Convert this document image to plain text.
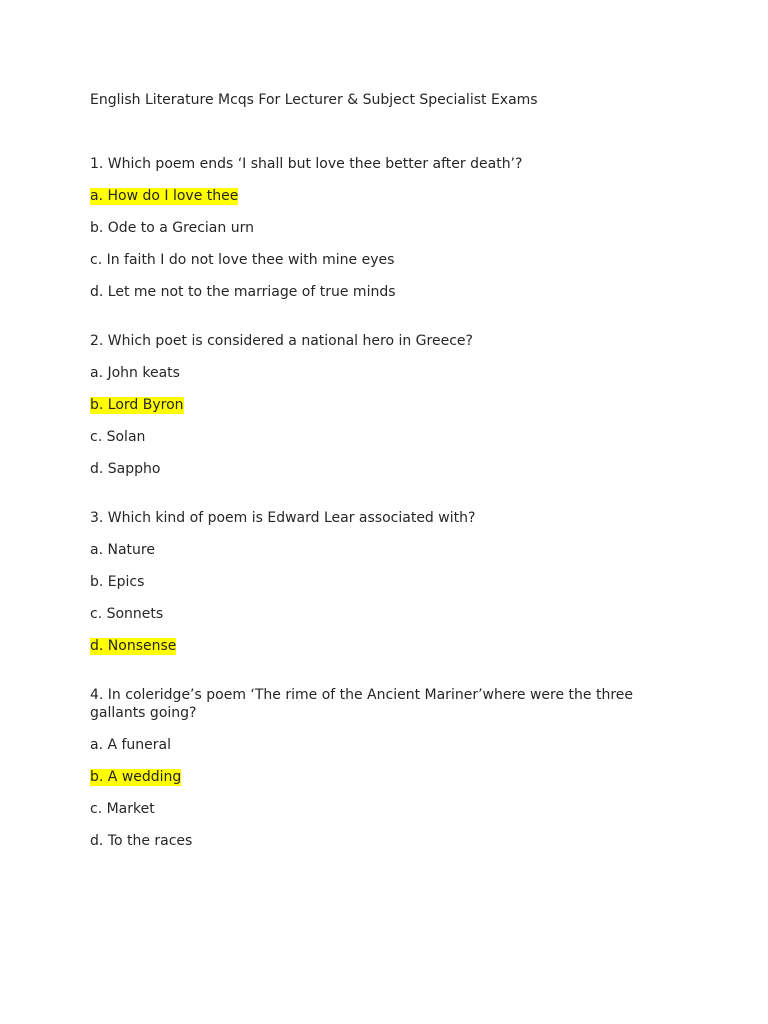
English Literature Mcqs For Lecturer & Subject Specialist Exams

1. Which poem ends ‘I shall but love thee better after death’?

a. How do I love thee

b. Ode to a Grecian urn

c. In faith I do not love thee with mine eyes

d. Let me not to the marriage of true minds

2. Which poet is considered a national hero in Greece?

a. John keats

b. Lord Byron

c. Solan

d. Sappho

3. Which kind of poem is Edward Lear associated with?

a. Nature

b. Epics

c. Sonnets

d. Nonsense

4. In coleridge’s poem ‘The rime of the Ancient Mariner’where were the three gallants going?

a. A funeral

b. A wedding

c. Market

d. To the races
